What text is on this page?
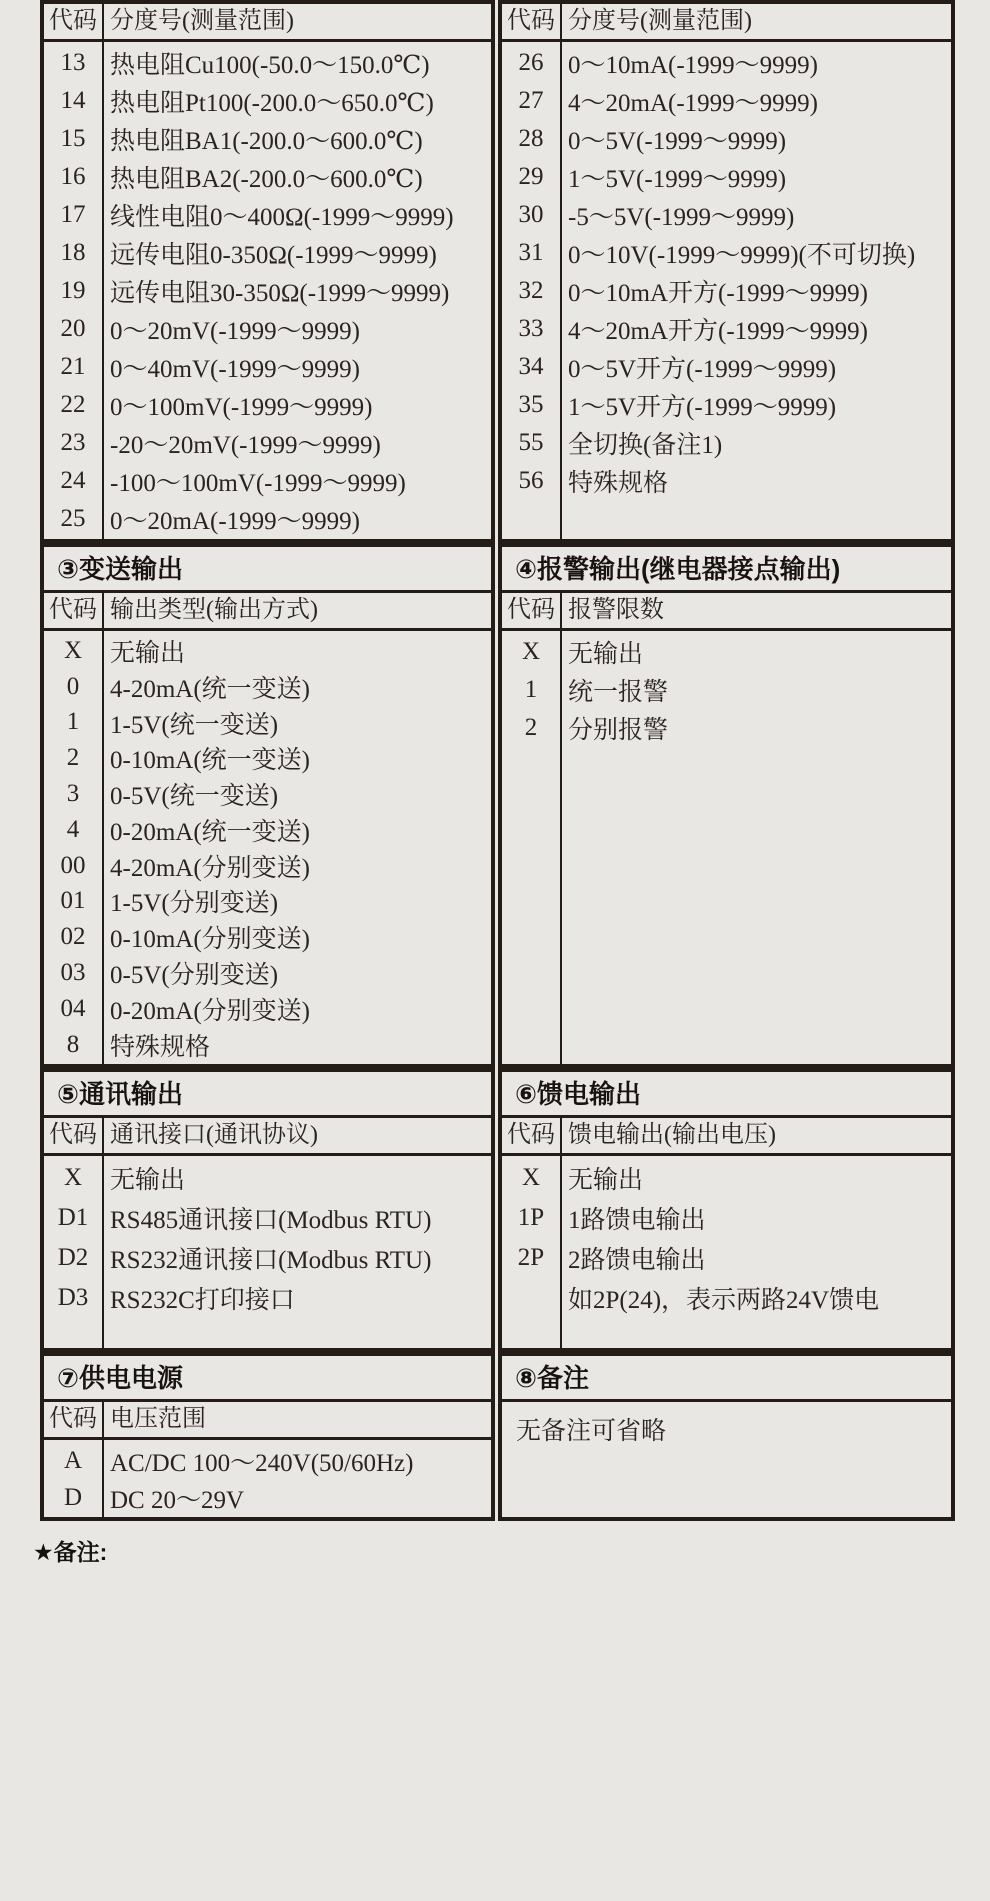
代码 分度号(测量范围)
13 热电阻Cu100(-50.0～150.0℃)
14 热电阻Pt100(-200.0～650.0℃)
15 热电阻BA1(-200.0～600.0℃)
16 热电阻BA2(-200.0～600.0℃)
17 线性电阻0～400Ω(-1999～9999)
18 远传电阻0-350Ω(-1999～9999)
19 远传电阻30-350Ω(-1999～9999)
20 0～20mV(-1999～9999)
21 0～40mV(-1999～9999)
22 0～100mV(-1999～9999)
23 -20～20mV(-1999～9999)
24 -100～100mV(-1999～9999)
25 0～20mA(-1999～9999)
代码 分度号(测量范围)
26 0～10mA(-1999～9999)
27 4～20mA(-1999～9999)
28 0～5V(-1999～9999)
29 1～5V(-1999～9999)
30 -5～5V(-1999～9999)
31 0～10V(-1999～9999)(不可切换)
32 0～10mA开方(-1999～9999)
33 4～20mA开方(-1999～9999)
34 0～5V开方(-1999～9999)
35 1～5V开方(-1999～9999)
55 全切换(备注1)
56 特殊规格
③变送输出
代码 输出类型(输出方式)
X	无输出
0	4-20mA(统一变送)
1	1-5V(统一变送)
2	0-10mA(统一变送)
3	0-5V(统一变送)
4	0-20mA(统一变送)
00 4-20mA(分别变送)
01 1-5V(分别变送)
02 0-10mA(分别变送)
03 0-5V(分别变送)
04 0-20mA(分别变送)
8	特殊规格
④报警输出(继电器接点输出)
代码 报警限数
X	无输出
1	统一报警
2	分别报警
⑤通讯输出
代码 通讯接口(通讯协议)
X	无输出
D1 RS485通讯接口(Modbus RTU)
D2 RS232通讯接口(Modbus RTU)
D3 RS232C打印接口
⑥馈电输出
代码 馈电输出(输出电压)
X	无输出
1P 1路馈电输出
2P 2路馈电输出
如2P(24)，表示两路24V馈电
⑦供电电源
代码 电压范围
A	AC/DC 100～240V(50/60Hz)
D	DC 20～29V
⑧备注
无备注可省略
★备注:
